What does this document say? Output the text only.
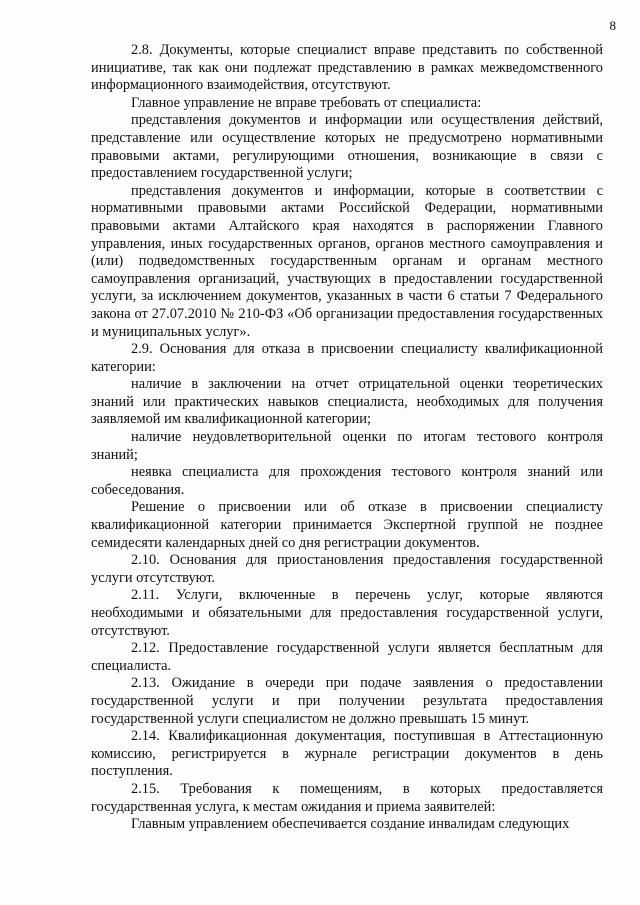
8

2.8. Документы, которые специалист вправе представить по собственной инициативе, так как они подлежат представлению в рамках межведомственного информационного взаимодействия, отсутствуют.

Главное управление не вправе требовать от специалиста:

представления документов и информации или осуществления действий, представление или осуществление которых не предусмотрено нормативными правовыми актами, регулирующими отношения, возникающие в связи с предоставлением государственной услуги;

представления документов и информации, которые в соответствии с нормативными правовыми актами Российской Федерации, нормативными правовыми актами Алтайского края находятся в распоряжении Главного управления, иных государственных органов, органов местного самоуправления и (или) подведомственных государственным органам и органам местного самоуправления организаций, участвующих в предоставлении государственной услуги, за исключением документов, указанных в части 6 статьи 7 Федерального закона от 27.07.2010 № 210-ФЗ «Об организации предоставления государственных и муниципальных услуг».

2.9. Основания для отказа в присвоении специалисту квалификационной категории:

наличие в заключении на отчет отрицательной оценки теоретических знаний или практических навыков специалиста, необходимых для получения заявляемой им квалификационной категории;

наличие неудовлетворительной оценки по итогам тестового контроля знаний;

неявка специалиста для прохождения тестового контроля знаний или собеседования.

Решение о присвоении или об отказе в присвоении специалисту квалификационной категории принимается Экспертной группой не позднее семидесяти календарных дней со дня регистрации документов.

2.10. Основания для приостановления предоставления государственной услуги отсутствуют.

2.11. Услуги, включенные в перечень услуг, которые являются необходимыми и обязательными для предоставления государственной услуги, отсутствуют.

2.12. Предоставление государственной услуги является бесплатным для специалиста.

2.13. Ожидание в очереди при подаче заявления о предоставлении государственной услуги и при получении результата предоставления государственной услуги специалистом не должно превышать 15 минут.

2.14. Квалификационная документация, поступившая в Аттестационную комиссию, регистрируется в журнале регистрации документов в день поступления.

2.15. Требования к помещениям, в которых предоставляется государственная услуга, к местам ожидания и приема заявителей:

Главным управлением обеспечивается создание инвалидам следующих
